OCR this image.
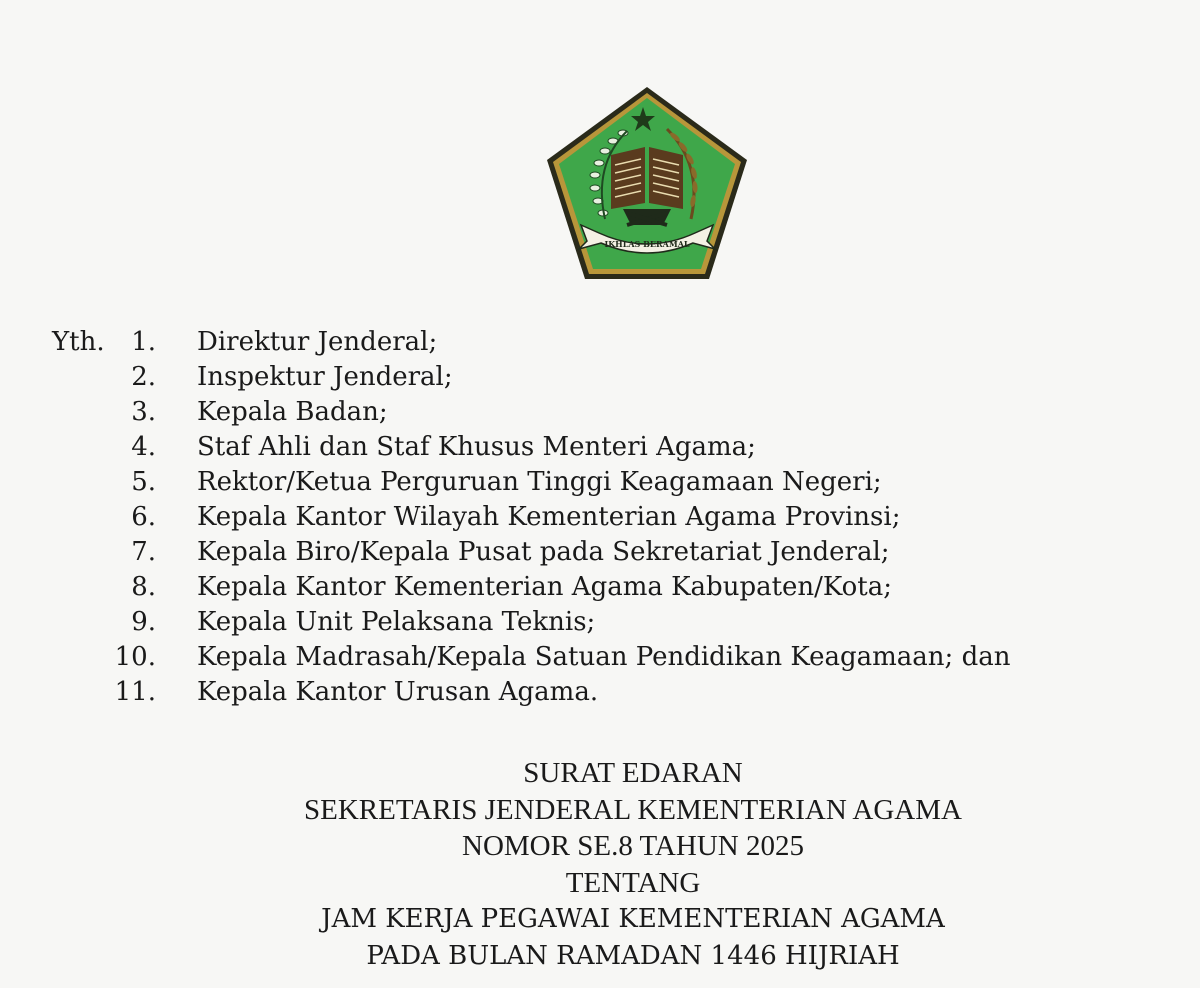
IKHLAS BERAMAL
Yth. 1. Direktur Jenderal;
2. Inspektur Jenderal;
3. Kepala Badan;
4. Staf Ahli dan Staf Khusus Menteri Agama;
5. Rektor/Ketua Perguruan Tinggi Keagamaan Negeri;
6. Kepala Kantor Wilayah Kementerian Agama Provinsi;
7. Kepala Biro/Kepala Pusat pada Sekretariat Jenderal;
8. Kepala Kantor Kementerian Agama Kabupaten/Kota;
9. Kepala Unit Pelaksana Teknis;
10. Kepala Madrasah/Kepala Satuan Pendidikan Keagamaan; dan
11. Kepala Kantor Urusan Agama.
SURAT EDARAN
SEKRETARIS JENDERAL KEMENTERIAN AGAMA
NOMOR SE.8 TAHUN 2025
TENTANG
JAM KERJA PEGAWAI KEMENTERIAN AGAMA
PADA BULAN RAMADAN 1446 HIJRIAH
